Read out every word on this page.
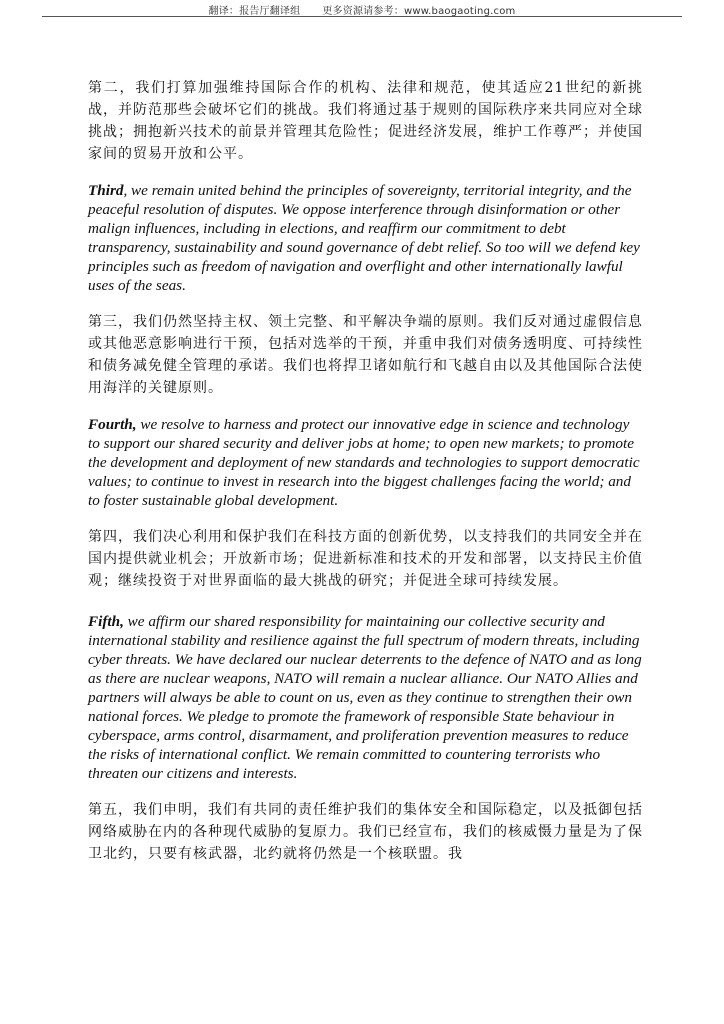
翻译：报告厅翻译组 更多资源请参考：www.baogaoting.com

第二，我们打算加强维持国际合作的机构、法律和规范，使其适应21世纪的新挑战，并防范那些会破坏它们的挑战。我们将通过基于规则的国际秩序来共同应对全球挑战；拥抱新兴技术的前景并管理其危险性；促进经济发展，维护工作尊严；并使国家间的贸易开放和公平。

Third, we remain united behind the principles of sovereignty, territorial integrity, and the peaceful resolution of disputes. We oppose interference through disinformation or other malign influences, including in elections, and reaffirm our commitment to debt transparency, sustainability and sound governance of debt relief. So too will we defend key principles such as freedom of navigation and overflight and other internationally lawful uses of the seas.

第三，我们仍然坚持主权、领土完整、和平解决争端的原则。我们反对通过虚假信息或其他恶意影响进行干预，包括对选举的干预，并重申我们对债务透明度、可持续性和债务减免健全管理的承诺。我们也将捍卫诸如航行和飞越自由以及其他国际合法使用海洋的关键原则。

Fourth, we resolve to harness and protect our innovative edge in science and technology to support our shared security and deliver jobs at home; to open new markets; to promote the development and deployment of new standards and technologies to support democratic values; to continue to invest in research into the biggest challenges facing the world; and to foster sustainable global development.

第四，我们决心利用和保护我们在科技方面的创新优势，以支持我们的共同安全并在国内提供就业机会；开放新市场；促进新标准和技术的开发和部署，以支持民主价值观；继续投资于对世界面临的最大挑战的研究；并促进全球可持续发展。

Fifth, we affirm our shared responsibility for maintaining our collective security and international stability and resilience against the full spectrum of modern threats, including cyber threats. We have declared our nuclear deterrents to the defence of NATO and as long as there are nuclear weapons, NATO will remain a nuclear alliance. Our NATO Allies and partners will always be able to count on us, even as they continue to strengthen their own national forces. We pledge to promote the framework of responsible State behaviour in cyberspace, arms control, disarmament, and proliferation prevention measures to reduce the risks of international conflict. We remain committed to countering terrorists who threaten our citizens and interests.

第五，我们申明，我们有共同的责任维护我们的集体安全和国际稳定，以及抵御包括网络威胁在内的各种现代威胁的复原力。我们已经宣布，我们的核威慑力量是为了保卫北约，只要有核武器，北约就将仍然是一个核联盟。我
